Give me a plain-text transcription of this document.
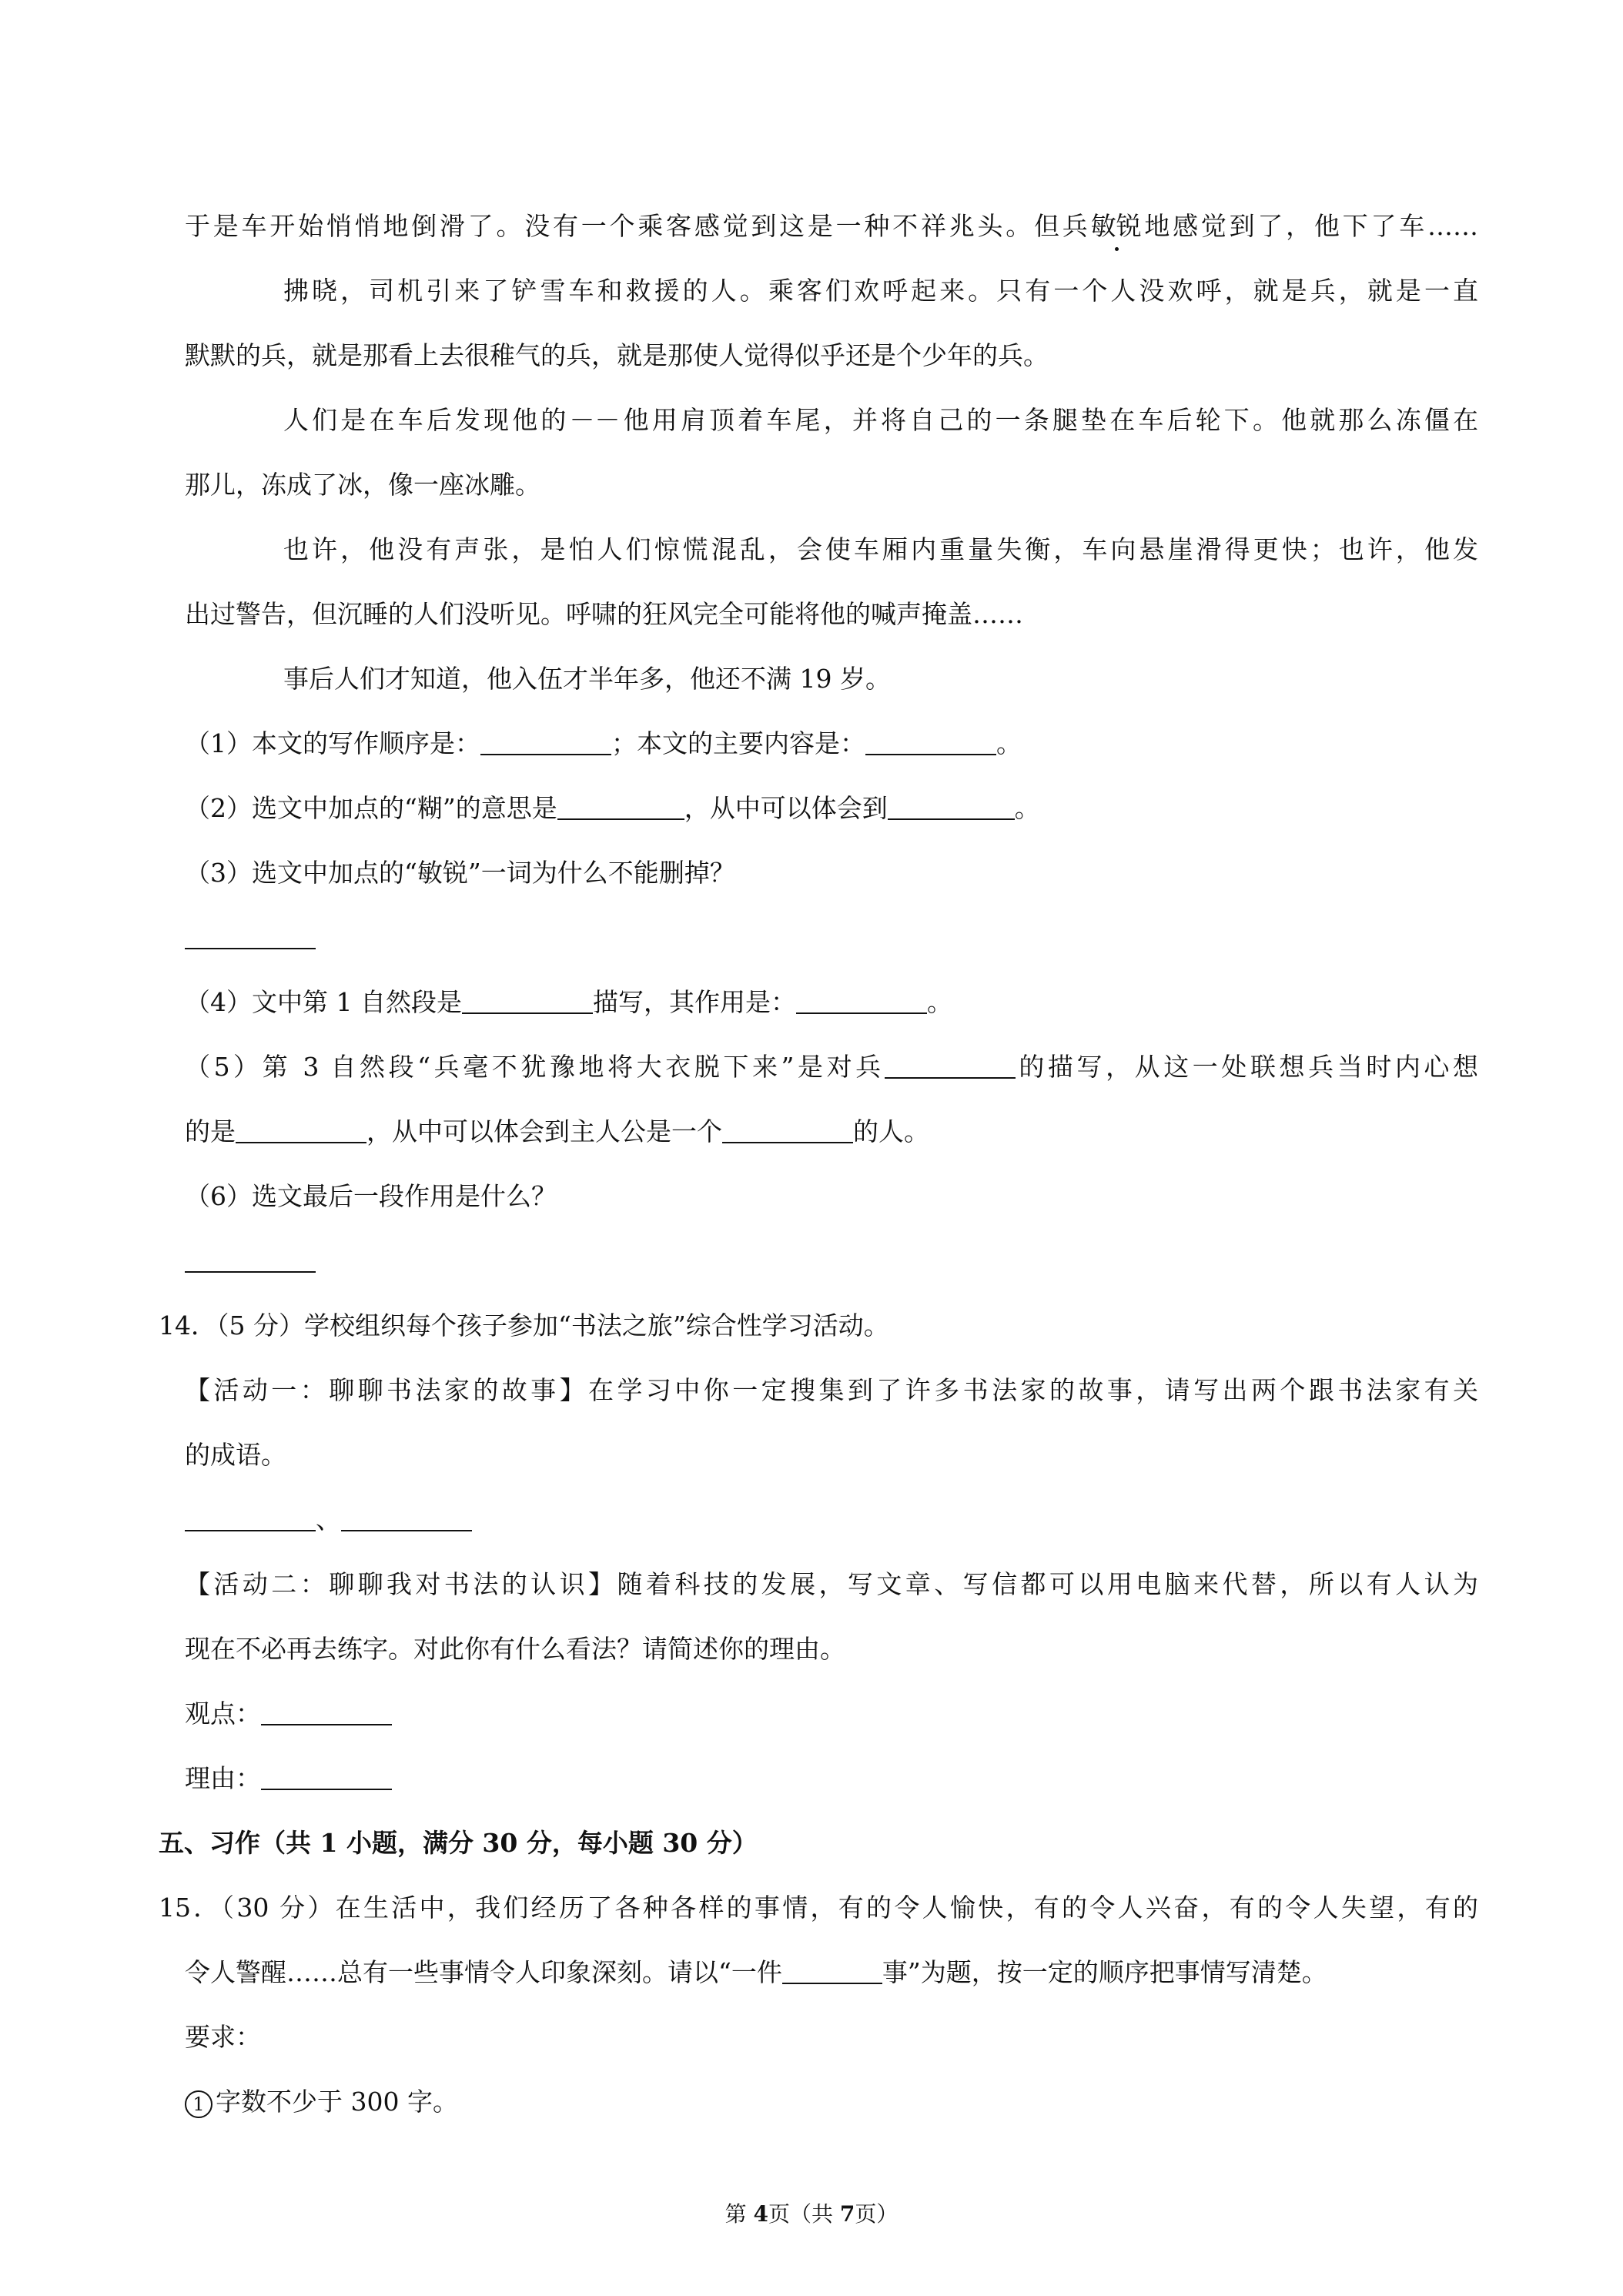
于是车开始悄悄地倒滑了。没有一个乘客感觉到这是一种不祥兆头。但兵敏锐地感觉到了，他下了车……
拂晓，司机引来了铲雪车和救援的人。乘客们欢呼起来。只有一个人没欢呼，就是兵，就是一直
默默的兵，就是那看上去很稚气的兵，就是那使人觉得似乎还是个少年的兵。
人们是在车后发现他的－－他用肩顶着车尾，并将自己的一条腿垫在车后轮下。他就那么冻僵在
那儿，冻成了冰，像一座冰雕。
也许，他没有声张，是怕人们惊慌混乱，会使车厢内重量失衡，车向悬崖滑得更快；也许，他发
出过警告，但沉睡的人们没听见。呼啸的狂风完全可能将他的喊声掩盖……
事后人们才知道，他入伍才半年多，他还不满 19 岁。
（1）本文的写作顺序是：	；本文的主要内容是：	。
（2）选文中加点的“糊”的意思是	，从中可以体会到	。
（3）选文中加点的“敏锐”一词为什么不能删掉？
（4）文中第 1 自然段是	描写，其作用是：	。
（5）第 3 自然段“兵毫不犹豫地将大衣脱下来”是对兵	的描写，从这一处联想兵当时内心想
的是	，从中可以体会到主人公是一个	的人。
（6）选文最后一段作用是什么？
14．（5 分）学校组织每个孩子参加“书法之旅”综合性学习活动。
【活动一：聊聊书法家的故事】在学习中你一定搜集到了许多书法家的故事，请写出两个跟书法家有关
的成语。
、
【活动二：聊聊我对书法的认识】随着科技的发展，写文章、写信都可以用电脑来代替，所以有人认为
现在不必再去练字。对此你有什么看法？请简述你的理由。
观点：
理由：
五、习作（共 1 小题，满分 30 分，每小题 30 分）
15．（30 分）在生活中，我们经历了各种各样的事情，有的令人愉快，有的令人兴奋，有的令人失望，有的
令人警醒……总有一些事情令人印象深刻。请以“一件	事”为题，按一定的顺序把事情写清楚。
要求：
1 字数不少于 300 字。
第 4页（共 7页）
